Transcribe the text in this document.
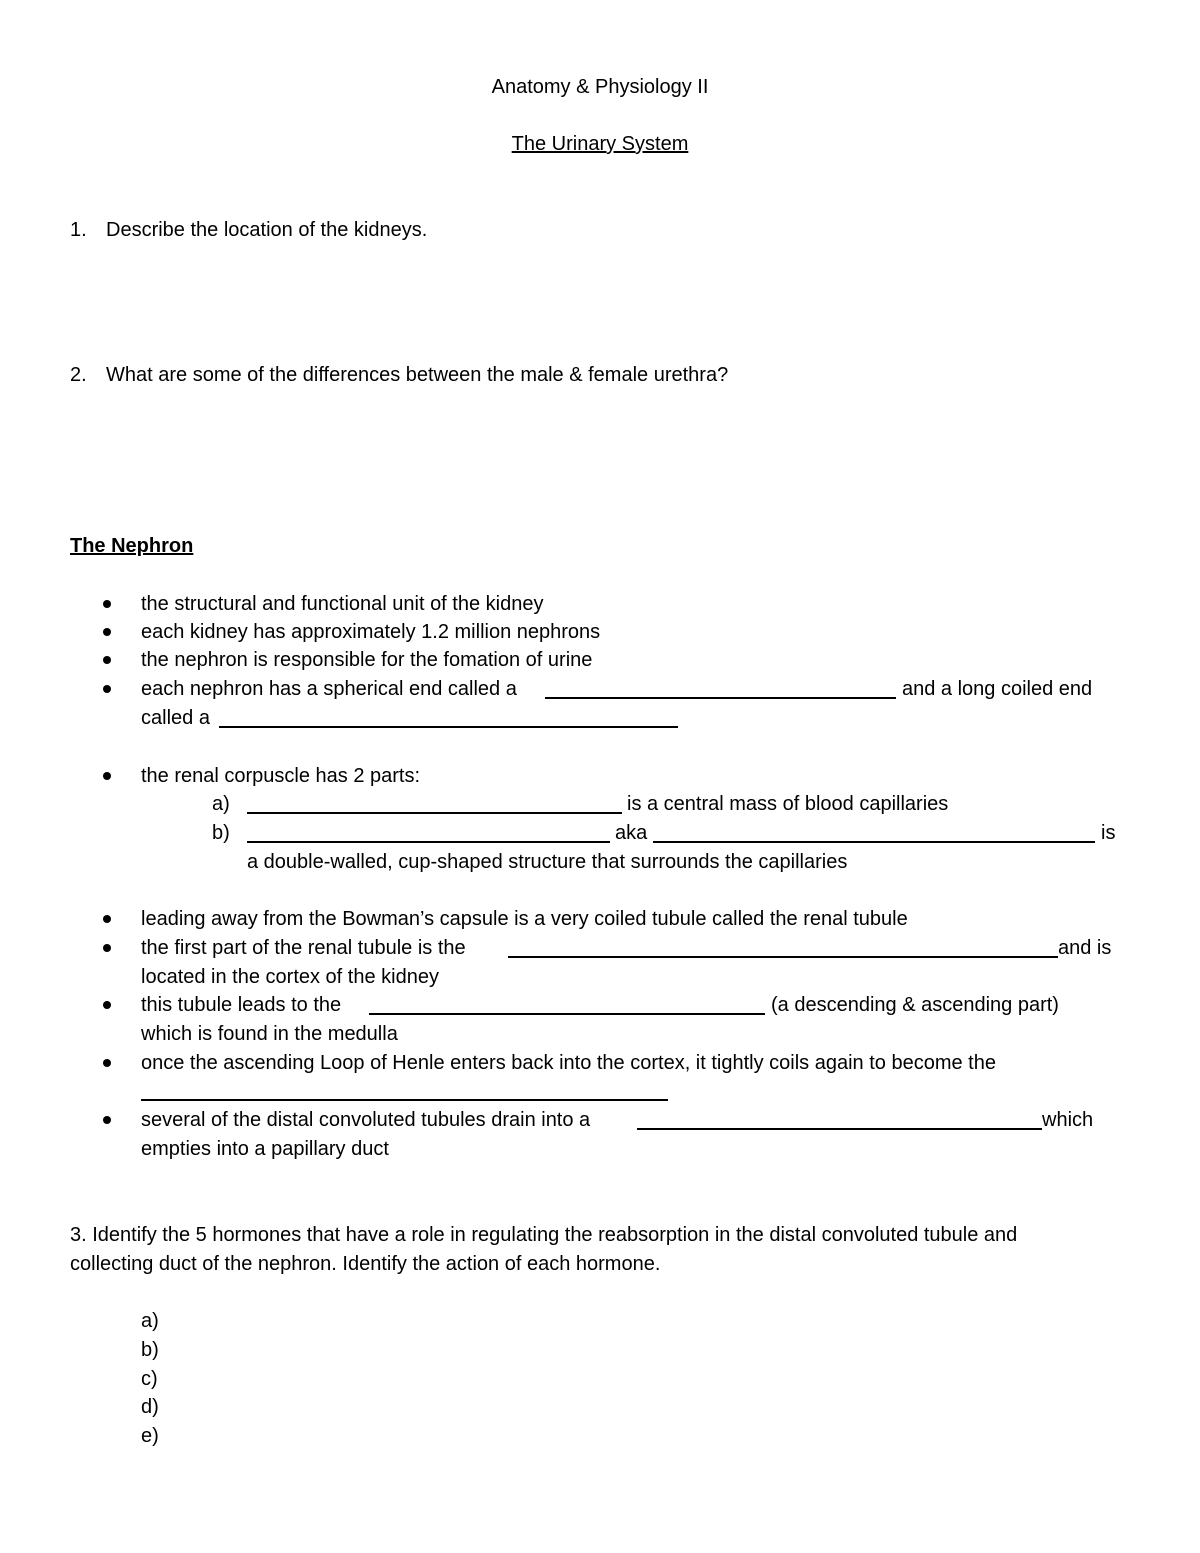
Anatomy & Physiology II
The Urinary System
1. Describe the location of the kidneys.
2. What are some of the differences between the male & female urethra?
The Nephron
the structural and functional unit of the kidney
each kidney has approximately 1.2 million nephrons
the nephron is responsible for the fomation of urine
each nephron has a spherical end called a	and a long coiled end
called a
the renal corpuscle has 2 parts:
a)	is a central mass of blood capillaries
b)	aka	is
a double-walled, cup-shaped structure that surrounds the capillaries
leading away from the Bowman’s capsule is a very coiled tubule called the renal tubule
the first part of the renal tubule is the	and is
located in the cortex of the kidney
this tubule leads to the	(a descending & ascending part)
which is found in the medulla
once the ascending Loop of Henle enters back into the cortex, it tightly coils again to become the
several of the distal convoluted tubules drain into a	which
empties into a papillary duct
3. Identify the 5 hormones that have a role in regulating the reabsorption in the distal convoluted tubule and
collecting duct of the nephron. Identify the action of each hormone.
a)
b)
c)
d)
e)
